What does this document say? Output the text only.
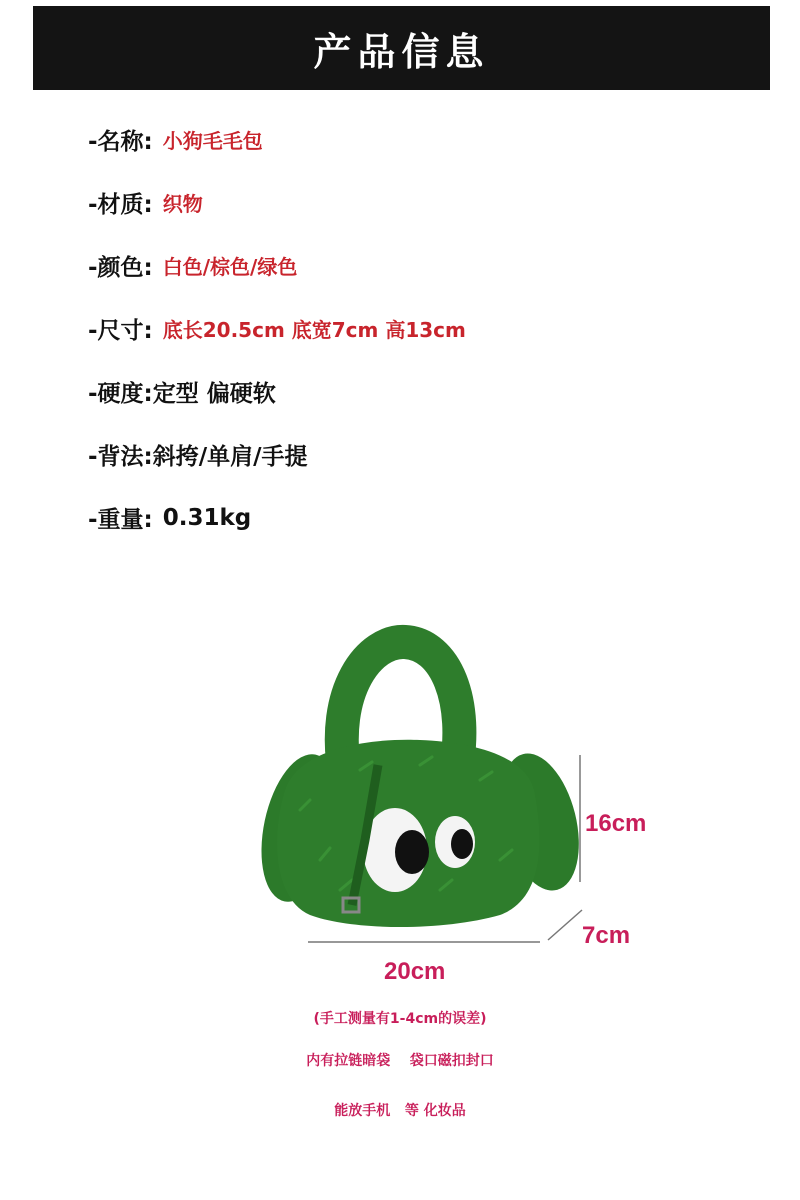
产品信息
-名称: 小狗毛毛包
-材质: 织物
-颜色: 白色/棕色/绿色
-尺寸: 底长20.5cm 底宽7cm 高13cm
-硬度: 定型 偏硬软
-背法: 斜挎/单肩/手提
-重量: 0.31kg
16cm
7cm
20cm
(手工测量有1-4cm的误差)
内有拉链暗袋    袋口磁扣封口
能放手机   等 化妆品
